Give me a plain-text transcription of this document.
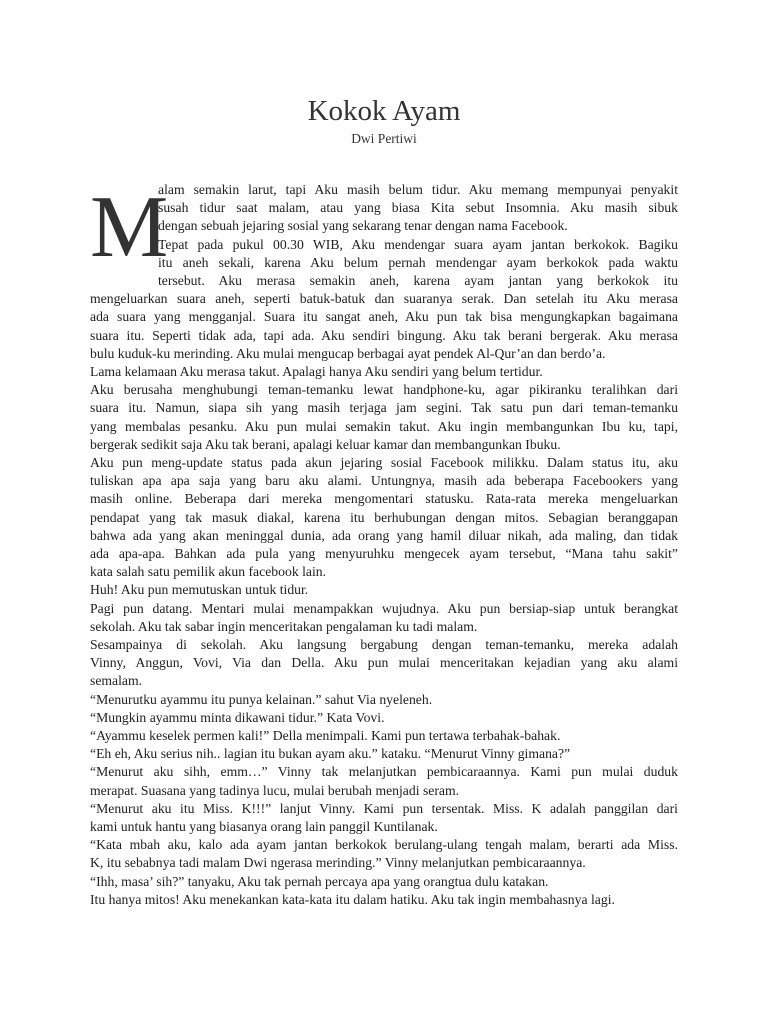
Kokok Ayam
Dwi Pertiwi
M
alam semakin larut, tapi Aku masih belum tidur. Aku memang mempunyai penyakit
susah tidur saat malam, atau yang biasa Kita sebut Insomnia. Aku masih sibuk
dengan sebuah jejaring sosial yang sekarang tenar dengan nama Facebook.
Tepat pada pukul 00.30 WIB, Aku mendengar suara ayam jantan berkokok. Bagiku
itu aneh sekali, karena Aku belum pernah mendengar ayam berkokok pada waktu
tersebut. Aku merasa semakin aneh, karena ayam jantan yang berkokok itu
mengeluarkan suara aneh, seperti batuk-batuk dan suaranya serak. Dan setelah itu Aku merasa
ada suara yang mengganjal. Suara itu sangat aneh, Aku pun tak bisa mengungkapkan bagaimana
suara itu. Seperti tidak ada, tapi ada. Aku sendiri bingung. Aku tak berani bergerak. Aku merasa
bulu kuduk-ku merinding. Aku mulai mengucap berbagai ayat pendek Al-Qur’an dan berdo’a.
Lama kelamaan Aku merasa takut. Apalagi hanya Aku sendiri yang belum tertidur.
Aku berusaha menghubungi teman-temanku lewat handphone-ku, agar pikiranku teralihkan dari
suara itu. Namun, siapa sih yang masih terjaga jam segini. Tak satu pun dari teman-temanku
yang membalas pesanku. Aku pun mulai semakin takut. Aku ingin membangunkan Ibu ku, tapi,
bergerak sedikit saja Aku tak berani, apalagi keluar kamar dan membangunkan Ibuku.
Aku pun meng-update status pada akun jejaring sosial Facebook milikku. Dalam status itu, aku
tuliskan apa apa saja yang baru aku alami. Untungnya, masih ada beberapa Facebookers yang
masih online. Beberapa dari mereka mengomentari statusku. Rata-rata mereka mengeluarkan
pendapat yang tak masuk diakal, karena itu berhubungan dengan mitos. Sebagian beranggapan
bahwa ada yang akan meninggal dunia, ada orang yang hamil diluar nikah, ada maling, dan tidak
ada apa-apa. Bahkan ada pula yang menyuruhku mengecek ayam tersebut, “Mana tahu sakit”
kata salah satu pemilik akun facebook lain.
Huh! Aku pun memutuskan untuk tidur.
Pagi pun datang. Mentari mulai menampakkan wujudnya. Aku pun bersiap-siap untuk berangkat
sekolah. Aku tak sabar ingin menceritakan pengalaman ku tadi malam.
Sesampainya di sekolah. Aku langsung bergabung dengan teman-temanku, mereka adalah
Vinny, Anggun, Vovi, Via dan Della. Aku pun mulai menceritakan kejadian yang aku alami
semalam.
“Menurutku ayammu itu punya kelainan.” sahut Via nyeleneh.
“Mungkin ayammu minta dikawani tidur.” Kata Vovi.
“Ayammu keselek permen kali!” Della menimpali. Kami pun tertawa terbahak-bahak.
“Eh eh, Aku serius nih.. lagian itu bukan ayam aku.” kataku. “Menurut Vinny gimana?”
“Menurut aku sihh, emm…” Vinny tak melanjutkan pembicaraannya. Kami pun mulai duduk
merapat. Suasana yang tadinya lucu, mulai berubah menjadi seram.
“Menurut aku itu Miss. K!!!” lanjut Vinny. Kami pun tersentak. Miss. K adalah panggilan dari
kami untuk hantu yang biasanya orang lain panggil Kuntilanak.
“Kata mbah aku, kalo ada ayam jantan berkokok berulang-ulang tengah malam, berarti ada Miss.
K, itu sebabnya tadi malam Dwi ngerasa merinding.” Vinny melanjutkan pembicaraannya.
“Ihh, masa’ sih?” tanyaku, Aku tak pernah percaya apa yang orangtua dulu katakan.
Itu hanya mitos! Aku menekankan kata-kata itu dalam hatiku. Aku tak ingin membahasnya lagi.
